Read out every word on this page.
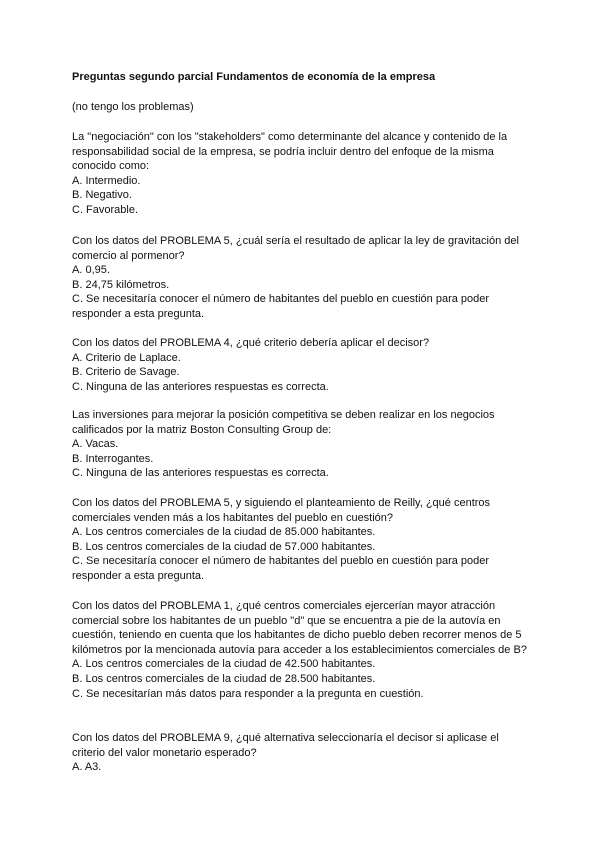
Preguntas segundo parcial Fundamentos de economía de la empresa
(no tengo los problemas)

La "negociación" con los "stakeholders" como determinante del alcance y contenido de la responsabilidad social de la empresa, se podría incluir dentro del enfoque de la misma conocido como:

A. Intermedio.

B. Negativo.

C. Favorable.

Con los datos del PROBLEMA 5, ¿cuál sería el resultado de aplicar la ley de gravitación del comercio al pormenor?

A. 0,95.

B. 24,75 kilómetros.

C. Se necesitaría conocer el número de habitantes del pueblo en cuestión para poder responder a esta pregunta.

Con los datos del PROBLEMA 4, ¿qué criterio debería aplicar el decisor?

A. Criterio de Laplace.

B. Criterio de Savage.

C. Ninguna de las anteriores respuestas es correcta.

Las inversiones para mejorar la posición competitiva se deben realizar en los negocios calificados por la matriz Boston Consulting Group de:

A. Vacas.

B. Interrogantes.

C. Ninguna de las anteriores respuestas es correcta.

Con los datos del PROBLEMA 5, y siguiendo el planteamiento de Reilly, ¿qué centros comerciales venden más a los habitantes del pueblo en cuestión?

A. Los centros comerciales de la ciudad de 85.000 habitantes.

B. Los centros comerciales de la ciudad de 57.000 habitantes.

C. Se necesitaría conocer el número de habitantes del pueblo en cuestión para poder responder a esta pregunta.

Con los datos del PROBLEMA 1, ¿qué centros comerciales ejercerían mayor atracción comercial sobre los habitantes de un pueblo "d" que se encuentra a pie de la autovía en cuestión, teniendo en cuenta que los habitantes de dicho pueblo deben recorrer menos de 5 kilómetros por la mencionada autovía para acceder a los establecimientos comerciales de B?

A. Los centros comerciales de la ciudad de 42.500 habitantes.

B. Los centros comerciales de la ciudad de 28.500 habitantes.

C. Se necesitarían más datos para responder a la pregunta en cuestión.

Con los datos del PROBLEMA 9, ¿qué alternativa seleccionaría el decisor si aplicase el criterio del valor monetario esperado?

A. A3.
